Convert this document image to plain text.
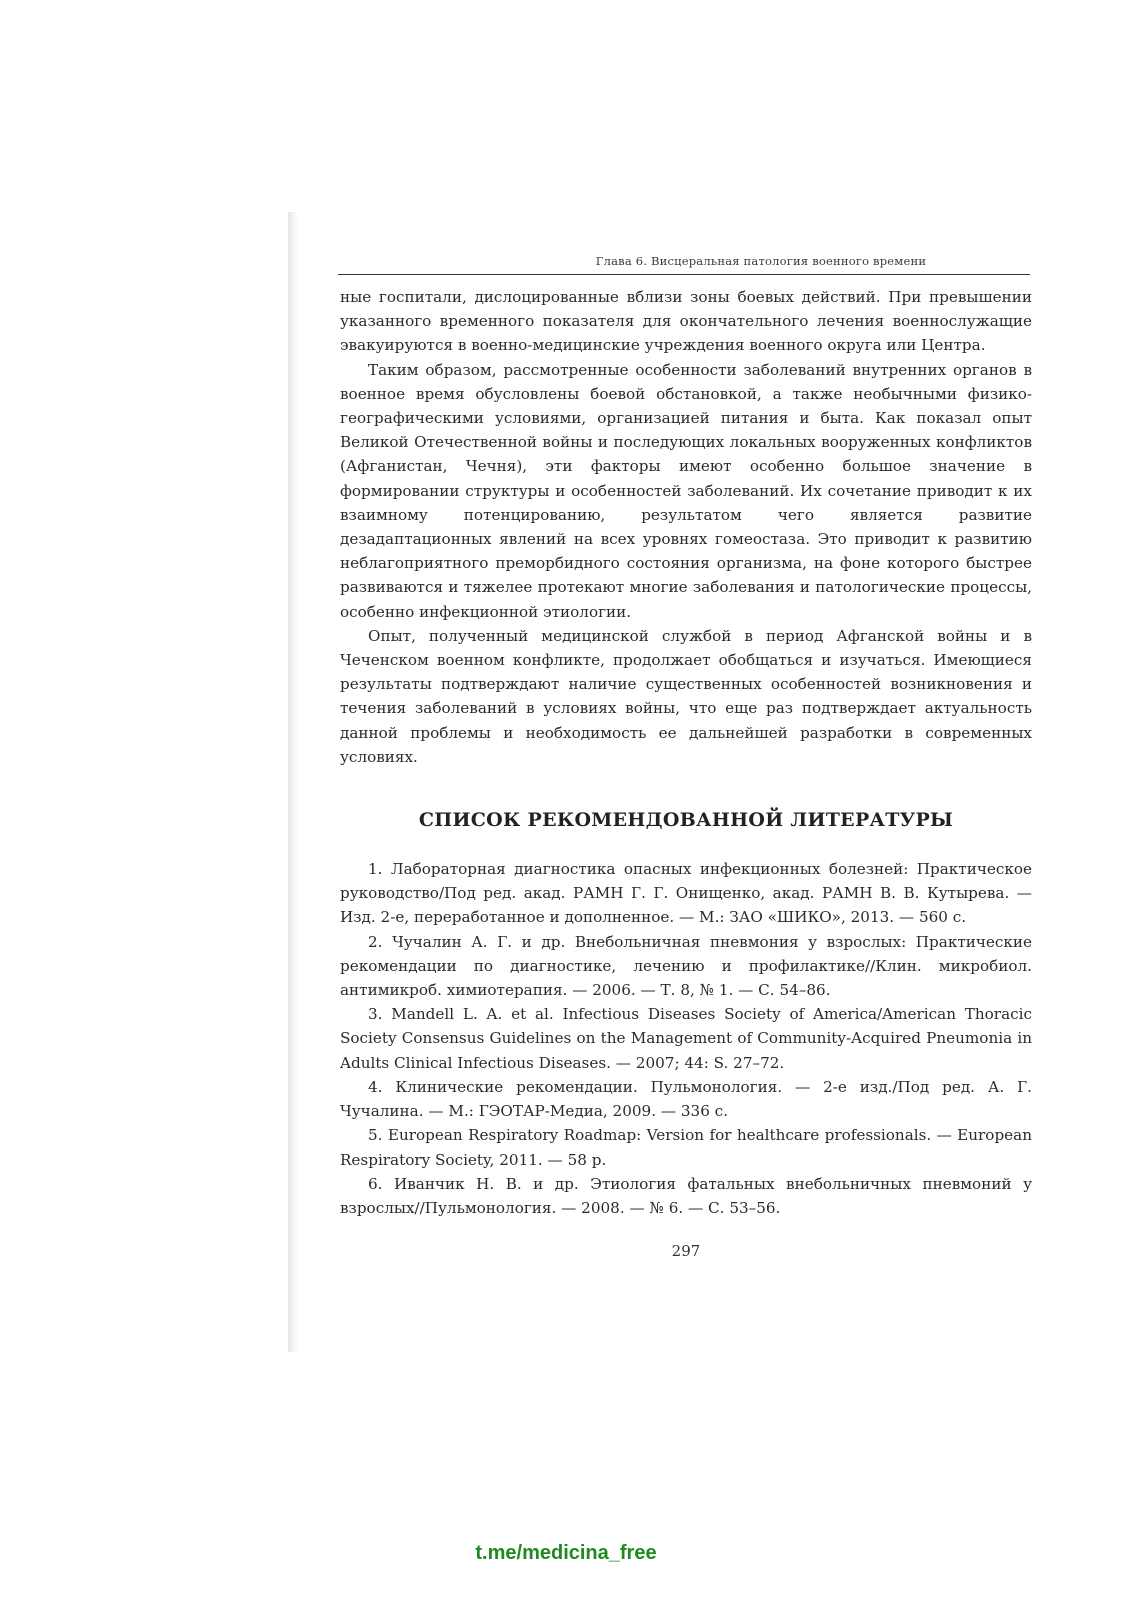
Глава 6. Висцеральная патология военного времени

ные госпитали, дислоцированные вблизи зоны боевых действий. При превышении указанного временного показателя для окончательного лечения военнослужащие эвакуируются в военно-медицинские учреждения военного округа или Центра.

Таким образом, рассмотренные особенности заболеваний внутренних органов в военное время обусловлены боевой обстановкой, а также необычными физико-географическими условиями, организацией питания и быта. Как показал опыт Великой Отечественной войны и последующих локальных вооруженных конфликтов (Афганистан, Чечня), эти факторы имеют особенно большое значение в формировании структуры и особенностей заболеваний. Их сочетание приводит к их взаимному потенцированию, результатом чего является развитие дезадаптационных явлений на всех уровнях гомеостаза. Это приводит к развитию неблагоприятного преморбидного состояния организма, на фоне которого быстрее развиваются и тяжелее протекают многие заболевания и патологические процессы, особенно инфекционной этиологии.

Опыт, полученный медицинской службой в период Афганской войны и в Чеченском военном конфликте, продолжает обобщаться и изучаться. Имеющиеся результаты подтверждают наличие существенных особенностей возникновения и течения заболеваний в условиях войны, что еще раз подтверждает актуальность данной проблемы и необходимость ее дальнейшей разработки в современных условиях.

СПИСОК РЕКОМЕНДОВАННОЙ ЛИТЕРАТУРЫ

1. Лабораторная диагностика опасных инфекционных болезней: Практическое руководство/Под ред. акад. РАМН Г. Г. Онищенко, акад. РАМН В. В. Кутырева. — Изд. 2-е, переработанное и дополненное. — М.: ЗАО «ШИКО», 2013. — 560 с.

2. Чучалин А. Г. и др. Внебольничная пневмония у взрослых: Практические рекомендации по диагностике, лечению и профилактике//Клин. микробиол. антимикроб. химиотерапия. — 2006. — Т. 8, № 1. — С. 54–86.

3. Mandell L. A. et al. Infectious Diseases Society of America/American Thoracic Society Consensus Guidelines on the Management of Community-Acquired Pneumonia in Adults Clinical Infectious Diseases. — 2007; 44: S. 27–72.

4. Клинические рекомендации. Пульмонология. — 2-е изд./Под ред. А. Г. Чучалина. — М.: ГЭОТАР-Медиа, 2009. — 336 с.

5. European Respiratory Roadmap: Version for healthcare professionals. — European Respiratory Society, 2011. — 58 p.

6. Иванчик Н. В. и др. Этиология фатальных внебольничных пневмоний у взрослых//Пульмонология. — 2008. — № 6. — С. 53–56.

297
t.me/medicina_free
